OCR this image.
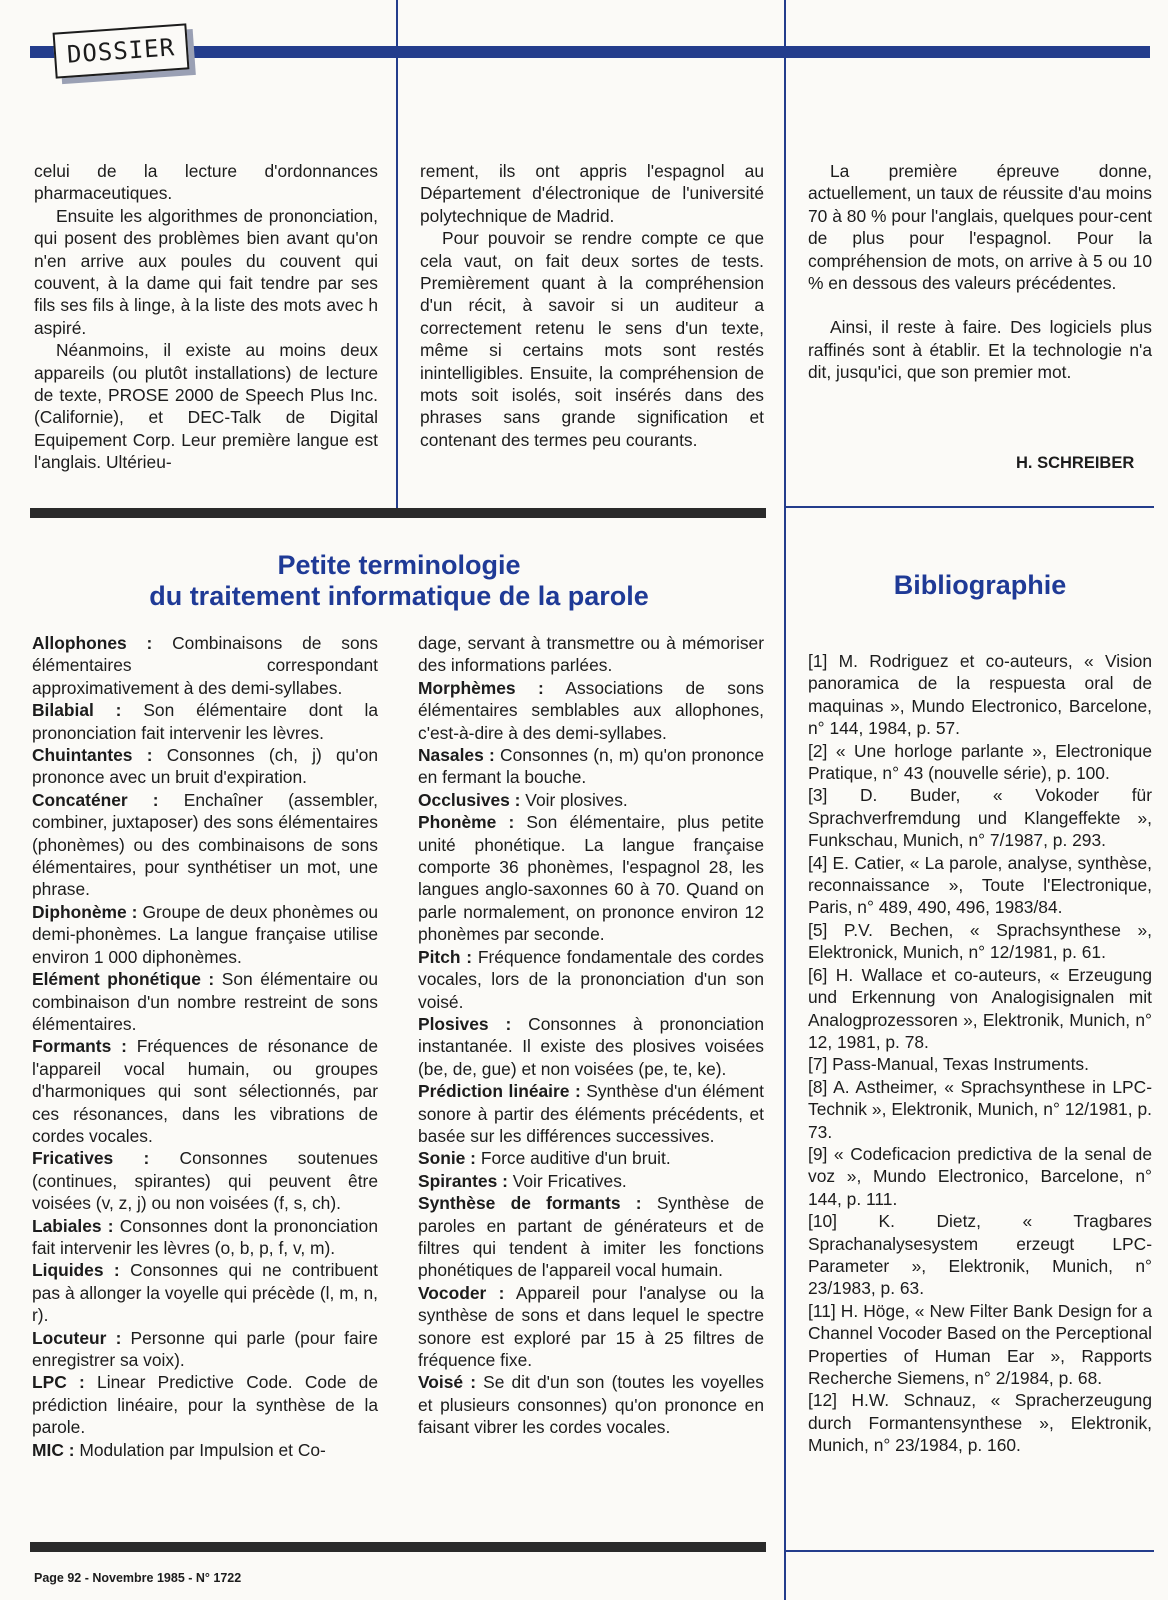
DOSSIER

celui de la lecture d'ordonnances pharmaceutiques.

Ensuite les algorithmes de prononciation, qui posent des problèmes bien avant qu'on n'en arrive aux poules du couvent qui couvent, à la dame qui fait tendre par ses fils ses fils à linge, à la liste des mots avec h aspiré.

Néanmoins, il existe au moins deux appareils (ou plutôt installations) de lecture de texte, PROSE 2000 de Speech Plus Inc. (Californie), et DEC-Talk de Digital Equipement Corp. Leur première langue est l'anglais. Ultérieu-

rement, ils ont appris l'espagnol au Département d'électronique de l'université polytechnique de Madrid.

Pour pouvoir se rendre compte ce que cela vaut, on fait deux sortes de tests. Premièrement quant à la compréhension d'un récit, à savoir si un auditeur a correctement retenu le sens d'un texte, même si certains mots sont restés inintelligibles. Ensuite, la compréhension de mots soit isolés, soit insérés dans des phrases sans grande signification et contenant des termes peu courants.

La première épreuve donne, actuellement, un taux de réussite d'au moins 70 à 80 % pour l'anglais, quelques pour-cent de plus pour l'espagnol. Pour la compréhension de mots, on arrive à 5 ou 10 % en dessous des valeurs précédentes.

Ainsi, il reste à faire. Des logiciels plus raffinés sont à établir. Et la technologie n'a dit, jusqu'ici, que son premier mot.

H. SCHREIBER
Petite terminologie
du traitement informatique de la parole

Allophones : Combinaisons de sons élémentaires correspondant approximativement à des demi-syllabes.

Bilabial : Son élémentaire dont la prononciation fait intervenir les lèvres.

Chuintantes : Consonnes (ch, j) qu'on prononce avec un bruit d'expiration.

Concaténer : Enchaîner (assembler, combiner, juxtaposer) des sons élémentaires (phonèmes) ou des combinaisons de sons élémentaires, pour synthétiser un mot, une phrase.

Diphonème : Groupe de deux phonèmes ou demi-phonèmes. La langue française utilise environ 1 000 diphonèmes.

Elément phonétique : Son élémentaire ou combinaison d'un nombre restreint de sons élémentaires.

Formants : Fréquences de résonance de l'appareil vocal humain, ou groupes d'harmoniques qui sont sélectionnés, par ces résonances, dans les vibrations de cordes vocales.

Fricatives : Consonnes soutenues (continues, spirantes) qui peuvent être voisées (v, z, j) ou non voisées (f, s, ch).

Labiales : Consonnes dont la prononciation fait intervenir les lèvres (o, b, p, f, v, m).

Liquides : Consonnes qui ne contribuent pas à allonger la voyelle qui précède (l, m, n, r).

Locuteur : Personne qui parle (pour faire enregistrer sa voix).

LPC : Linear Predictive Code. Code de prédiction linéaire, pour la synthèse de la parole.

MIC : Modulation par Impulsion et Co-

dage, servant à transmettre ou à mémoriser des informations parlées.

Morphèmes : Associations de sons élémentaires semblables aux allophones, c'est-à-dire à des demi-syllabes.

Nasales : Consonnes (n, m) qu'on prononce en fermant la bouche.

Occlusives : Voir plosives.

Phonème : Son élémentaire, plus petite unité phonétique. La langue française comporte 36 phonèmes, l'espagnol 28, les langues anglo-saxonnes 60 à 70. Quand on parle normalement, on prononce environ 12 phonèmes par seconde.

Pitch : Fréquence fondamentale des cordes vocales, lors de la prononciation d'un son voisé.

Plosives : Consonnes à prononciation instantanée. Il existe des plosives voisées (be, de, gue) et non voisées (pe, te, ke).

Prédiction linéaire : Synthèse d'un élément sonore à partir des éléments précédents, et basée sur les différences successives.

Sonie : Force auditive d'un bruit.

Spirantes : Voir Fricatives.

Synthèse de formants : Synthèse de paroles en partant de générateurs et de filtres qui tendent à imiter les fonctions phonétiques de l'appareil vocal humain.

Vocoder : Appareil pour l'analyse ou la synthèse de sons et dans lequel le spectre sonore est exploré par 15 à 25 filtres de fréquence fixe.

Voisé : Se dit d'un son (toutes les voyelles et plusieurs consonnes) qu'on prononce en faisant vibrer les cordes vocales.

Bibliographie

[1] M. Rodriguez et co-auteurs, « Vision panoramica de la respuesta oral de maquinas », Mundo Electronico, Barcelone, n° 144, 1984, p. 57.

[2] « Une horloge parlante », Electronique Pratique, n° 43 (nouvelle série), p. 100.

[3] D. Buder, « Vokoder für Sprachverfremdung und Klangeffekte », Funkschau, Munich, n° 7/1987, p. 293.

[4] E. Catier, « La parole, analyse, synthèse, reconnaissance », Toute l'Electronique, Paris, n° 489, 490, 496, 1983/84.

[5] P.V. Bechen, « Sprachsynthese », Elektronick, Munich, n° 12/1981, p. 61.

[6] H. Wallace et co-auteurs, « Erzeugung und Erkennung von Analogisignalen mit Analogprozessoren », Elektronik, Munich, n° 12, 1981, p. 78.

[7] Pass-Manual, Texas Instruments.

[8] A. Astheimer, « Sprachsynthese in LPC-Technik », Elektronik, Munich, n° 12/1981, p. 73.

[9] « Codeficacion predictiva de la senal de voz », Mundo Electronico, Barcelone, n° 144, p. 111.

[10] K. Dietz, « Tragbares Sprachanalysesystem erzeugt LPC-Parameter », Elektronik, Munich, n° 23/1983, p. 63.

[11] H. Höge, « New Filter Bank Design for a Channel Vocoder Based on the Perceptional Properties of Human Ear », Rapports Recherche Siemens, n° 2/1984, p. 68.

[12] H.W. Schnauz, « Spracherzeugung durch Formantensynthese », Elektronik, Munich, n° 23/1984, p. 160.

Page 92 - Novembre 1985 - N° 1722
